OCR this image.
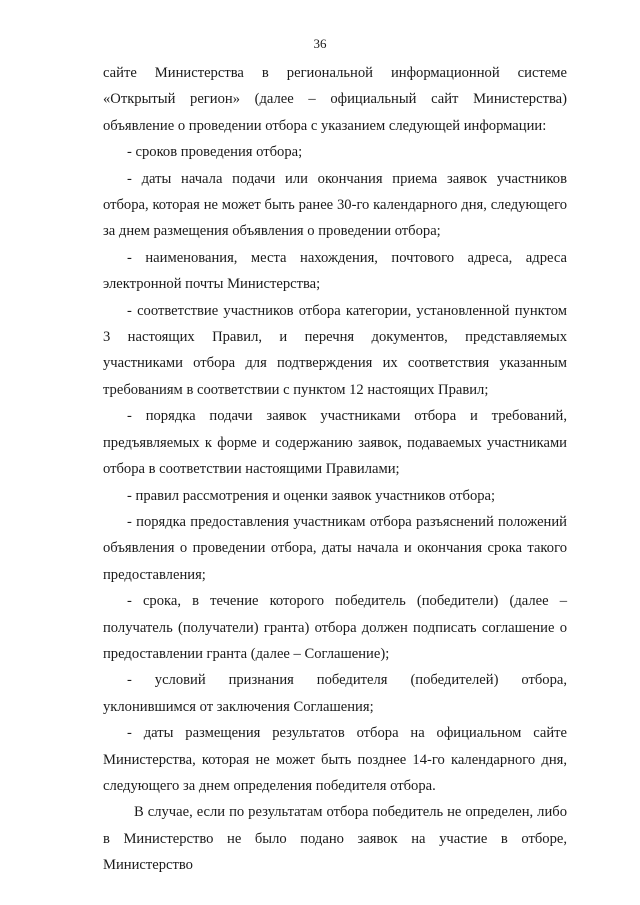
36

сайте Министерства в региональной информационной системе «Открытый регион» (далее – официальный сайт Министерства) объявление о проведении отбора с указанием следующей информации:

- сроков проведения отбора;

- даты начала подачи или окончания приема заявок участников отбора, которая не может быть ранее 30-го календарного дня, следующего за днем размещения объявления о проведении отбора;

- наименования, места нахождения, почтового адреса, адреса электронной почты Министерства;

- соответствие участников отбора категории, установленной пунктом 3 настоящих Правил, и перечня документов, представляемых участниками отбора для подтверждения их соответствия указанным требованиям в соответствии с пунктом 12 настоящих Правил;

- порядка подачи заявок участниками отбора и требований, предъявляемых к форме и содержанию заявок, подаваемых участниками отбора в соответствии настоящими Правилами;

- правил рассмотрения и оценки заявок участников отбора;

- порядка предоставления участникам отбора разъяснений положений объявления о проведении отбора, даты начала и окончания срока такого предоставления;

- срока, в течение которого победитель (победители) (далее – получатель (получатели) гранта) отбора должен подписать соглашение о предоставлении гранта (далее – Соглашение);

- условий признания победителя (победителей) отбора, уклонившимся от заключения Соглашения;

- даты размещения результатов отбора на официальном сайте Министерства, которая не может быть позднее 14-го календарного дня, следующего за днем определения победителя отбора.

В случае, если по результатам отбора победитель не определен, либо в Министерство не было подано заявок на участие в отборе, Министерство
